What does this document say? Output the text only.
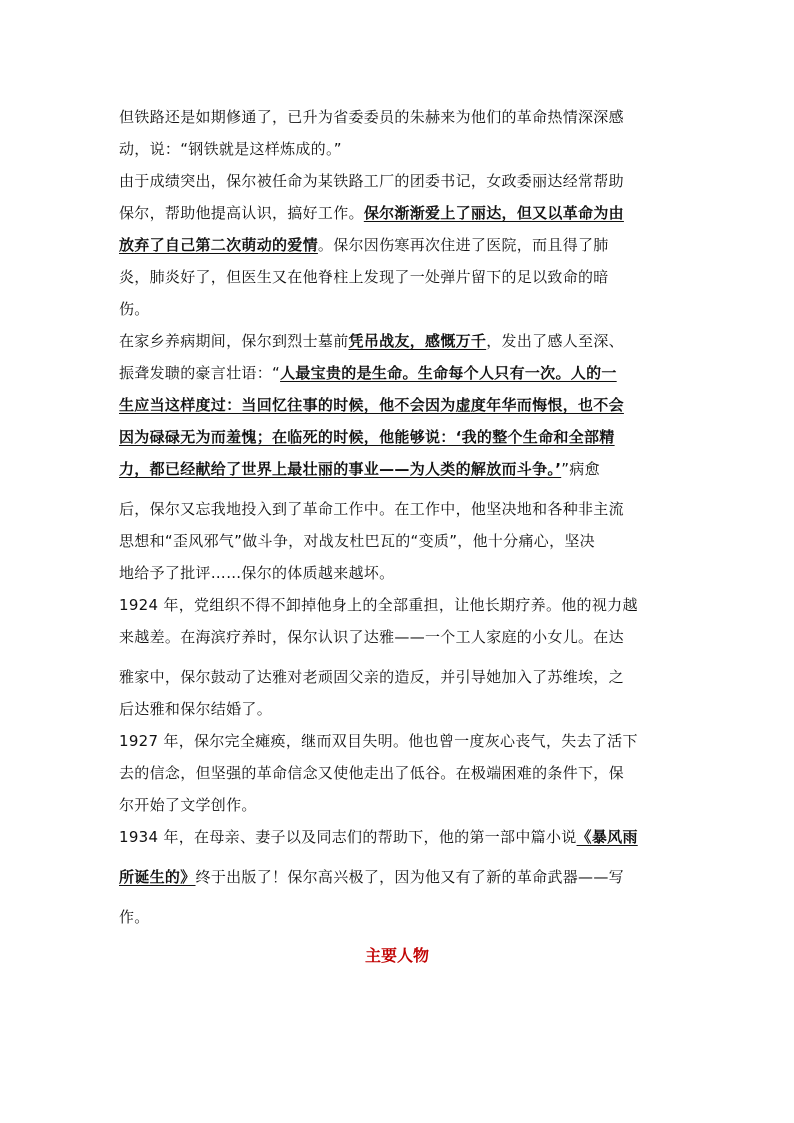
但铁路还是如期修通了，已升为省委委员的朱赫来为他们的革命热情深深感
动，说：“钢铁就是这样炼成的。”
由于成绩突出，保尔被任命为某铁路工厂的团委书记，女政委丽达经常帮助
保尔，帮助他提高认识，搞好工作。保尔渐渐爱上了丽达，但又以革命为由
放弃了自己第二次萌动的爱情。保尔因伤寒再次住进了医院，而且得了肺
炎，肺炎好了，但医生又在他脊柱上发现了一处弹片留下的足以致命的暗
伤。
在家乡养病期间，保尔到烈士墓前凭吊战友，感慨万千，发出了感人至深、
振聋发聩的豪言壮语：“人最宝贵的是生命。生命每个人只有一次。人的一
生应当这样度过：当回忆往事的时候，他不会因为虚度年华而悔恨，也不会
因为碌碌无为而羞愧；在临死的时候，他能够说：‘我的整个生命和全部精
力，都已经献给了世界上最壮丽的事业——为人类的解放而斗争。’”病愈
后，保尔又忘我地投入到了革命工作中。在工作中，他坚决地和各种非主流
思想和“歪风邪气”做斗争，对战友杜巴瓦的“变质”，他十分痛心，坚决
地给予了批评……保尔的体质越来越坏。
1924 年，党组织不得不卸掉他身上的全部重担，让他长期疗养。他的视力越
来越差。在海滨疗养时，保尔认识了达雅——一个工人家庭的小女儿。在达
雅家中，保尔鼓动了达雅对老顽固父亲的造反，并引导她加入了苏维埃，之
后达雅和保尔结婚了。
1927 年，保尔完全瘫痪，继而双目失明。他也曾一度灰心丧气，失去了活下
去的信念，但坚强的革命信念又使他走出了低谷。在极端困难的条件下，保
尔开始了文学创作。
1934 年，在母亲、妻子以及同志们的帮助下，他的第一部中篇小说《暴风雨
所诞生的》终于出版了！保尔高兴极了，因为他又有了新的革命武器——写
作。
主要人物
